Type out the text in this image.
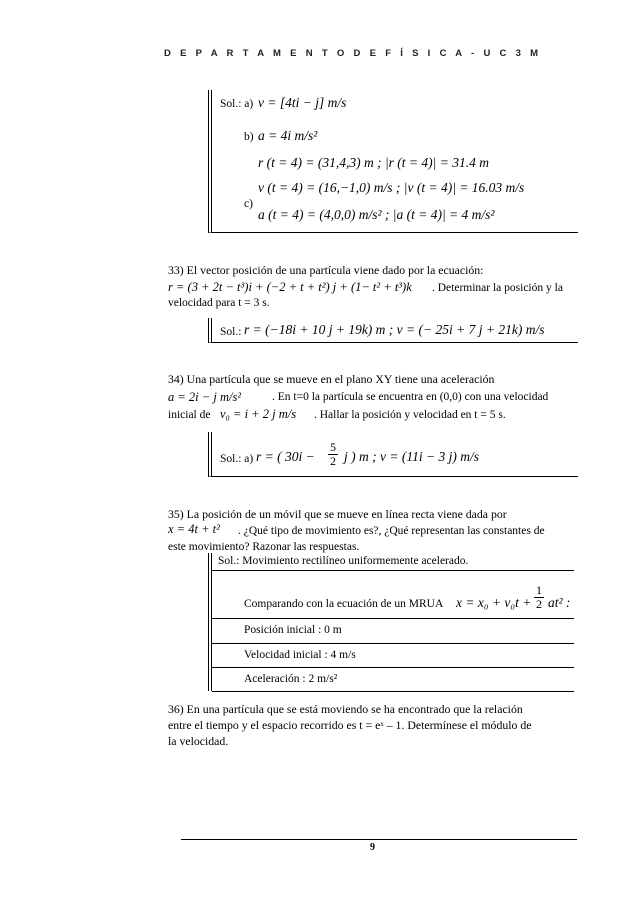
D E P A R T A M E N T O D E F Í S I C A - U C 3 M
Sol.: a) v = [4ti − j] m/s
b) a = 4i m/s²
r (t = 4) = (31,4,3) m ; |r (t = 4)| = 31.4 m
c)
v (t = 4) = (16,−1,0) m/s ; |v (t = 4)| = 16.03 m/s
a (t = 4) = (4,0,0) m/s² ; |a (t = 4)| = 4 m/s²
33) El vector posición de una partícula viene dado por la ecuación:
r = (3 + 2t − t³)i + (−2 + t + t²) j + (1− t² + t³)k . Determinar la posición y la
velocidad para t = 3 s.
Sol.: r = (−18i + 10 j + 19k) m ; v = (− 25i + 7 j + 21k) m/s
34) Una partícula que se mueve en el plano XY tiene una aceleración
a = 2i − j m/s²	. En t=0 la partícula se encuentra en (0,0) con una velocidad
inicial de v₀ = i + 2 j m/s . Hallar la posición y velocidad en t = 5 s.
Sol.: a) r = ( $30i - \frac{5}{2}$ j ) m ; v = (11i − 3 j) m/s
35) La posición de un móvil que se mueve en línea recta viene dada por
x = 4t + t² . ¿Qué tipo de movimiento es?, ¿Qué representan las constantes de
este movimiento? Razonar las respuestas.
Sol.: Movimiento rectilíneo uniformemente acelerado.
Comparando con la ecuación de un MRUA $x = x_0 + v_0t + \frac{1}{2} at^2$ :
Posición inicial : 0 m
Velocidad inicial : 4 m/s
Aceleración : 2 m/s²
36) En una partícula que se está moviendo se ha encontrado que la relación
entre el tiempo y el espacio recorrido es t = eˣ – 1. Determínese el módulo de
la velocidad.
9
